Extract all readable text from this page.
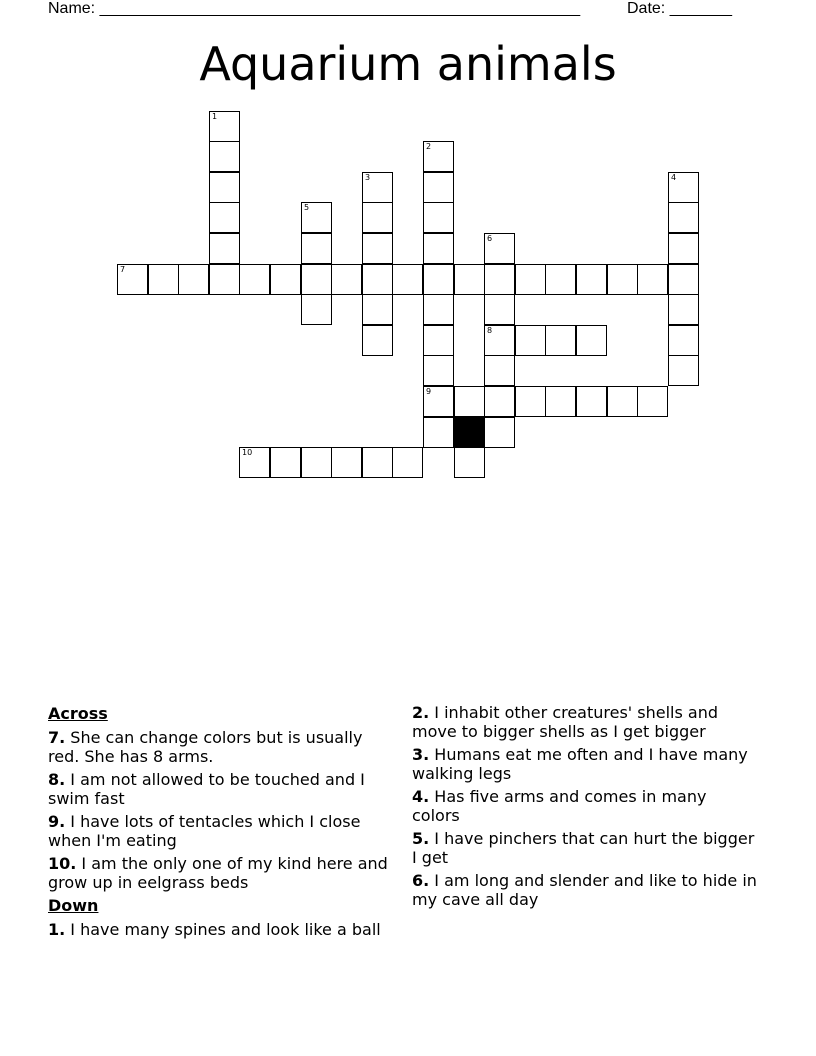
Name: ______________________________________________________	Date: _______
Aquarium animals
1
2
9
3	4
5
6
8
7
10
Across
7. She can change colors but is usually red. She has 8 arms.
8. I am not allowed to be touched and I swim fast
9. I have lots of tentacles which I close when I'm eating
10. I am the only one of my kind here and grow up in eelgrass beds
Down
1. I have many spines and look like a ball
2. I inhabit other creatures' shells and move to bigger shells as I get bigger
3. Humans eat me often and I have many walking legs
4. Has five arms and comes in many colors
5. I have pinchers that can hurt the bigger I get
6. I am long and slender and like to hide in my cave all day
